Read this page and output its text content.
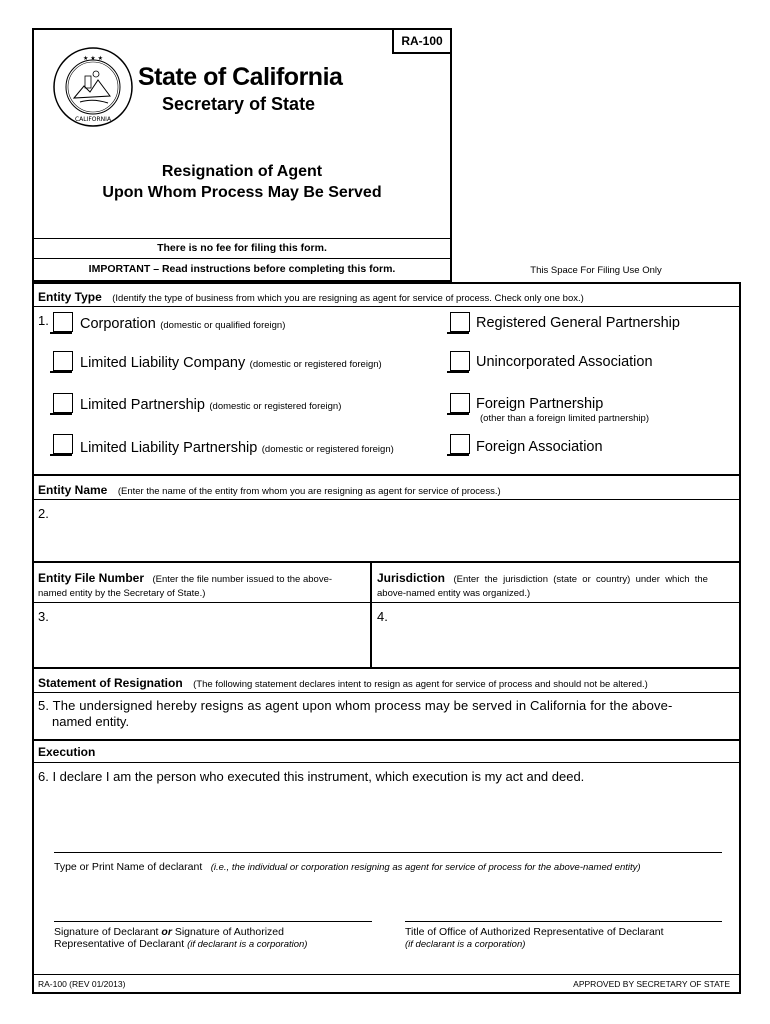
RA-100
★ ★ ★
CALIFORNIA
State of California
Secretary of State
Resignation of Agent
Upon Whom Process May Be Served
There is no fee for filing this form.
IMPORTANT – Read instructions before completing this form.	This Space For Filing Use Only
Entity Type (Identify the type of business from which you are resigning as agent for service of process. Check only one box.)
1. Corporation (domestic or qualified foreign)
Limited Liability Company (domestic or registered foreign)
Limited Partnership (domestic or registered foreign)
Limited Liability Partnership (domestic or registered foreign)
Registered General Partnership
Unincorporated Association
Foreign Partnership
(other than a foreign limited partnership)
Foreign Association
Entity Name (Enter the name of the entity from whom you are resigning as agent for service of process.)
2.
Entity File Number (Enter the file number issued to the above-
named entity by the Secretary of State.)
Jurisdiction (Enter  the  jurisdiction  (state  or  country)  under  which  the
above-named entity was organized.)
3.	4.
Statement of Resignation (The following statement declares intent to resign as agent for service of process and should not be altered.)
5. The undersigned hereby resigns as agent upon whom process may be served in California for the above-
named entity.
Execution
6. I declare I am the person who executed this instrument, which execution is my act and deed.
Type or Print Name of declarant (i.e., the individual or corporation resigning as agent for service of process for the above-named entity)
Signature of Declarant or Signature of Authorized
Representative of Declarant (if declarant is a corporation)
Title of Office of Authorized Representative of Declarant
(if declarant is a corporation)
RA-100 (REV 01/2013)	APPROVED BY SECRETARY OF STATE
